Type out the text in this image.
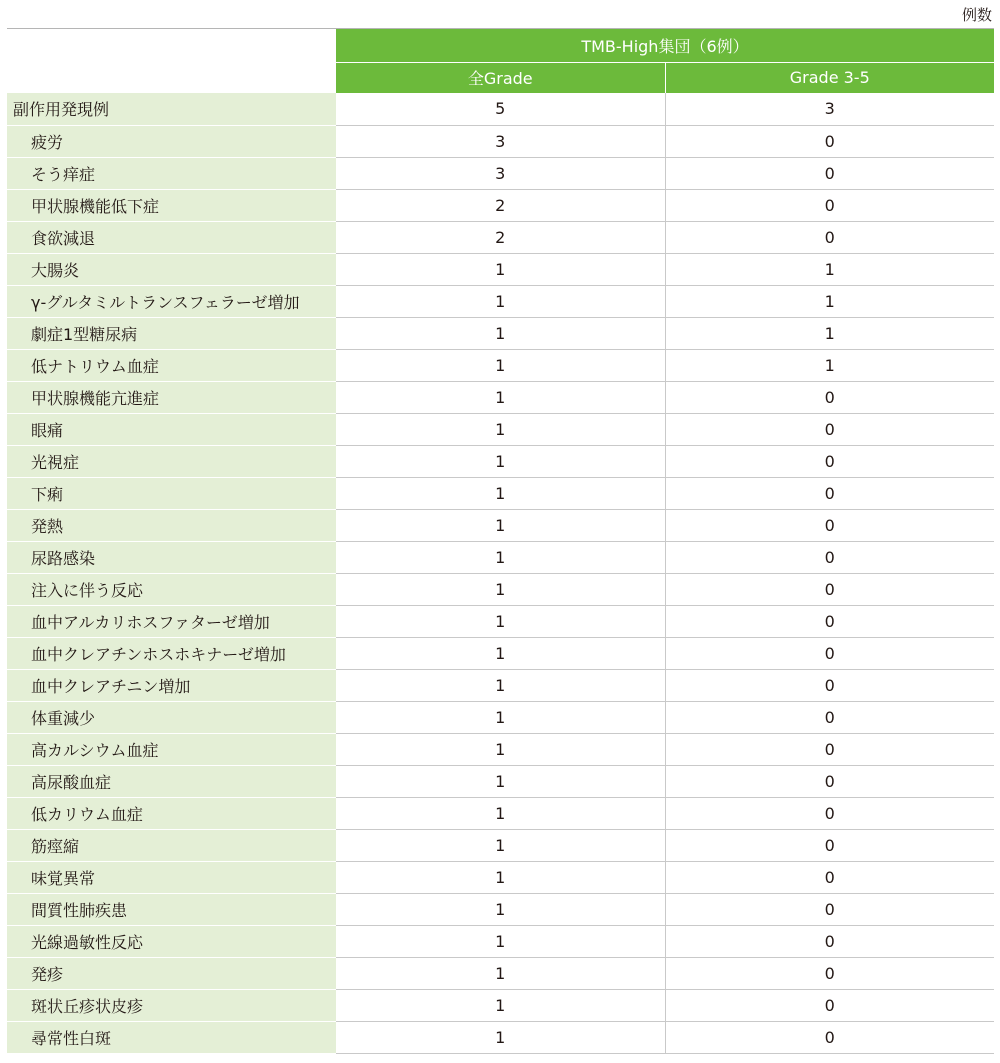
例数

	TMB-High集団（6例）	
	全Grade	Grade 3-5
副作用発現例	5	3
疲労	3	0
そう痒症	3	0
甲状腺機能低下症	2	0
食欲減退	2	0
大腸炎	1	1
γ-グルタミルトランスフェラーゼ増加	1	1
劇症1型糖尿病	1	1
低ナトリウム血症	1	1
甲状腺機能亢進症	1	0
眼痛	1	0
光視症	1	0
下痢	1	0
発熱	1	0
尿路感染	1	0
注入に伴う反応	1	0
血中アルカリホスファターゼ増加	1	0
血中クレアチンホスホキナーゼ増加	1	0
血中クレアチニン増加	1	0
体重減少	1	0
高カルシウム血症	1	0
高尿酸血症	1	0
低カリウム血症	1	0
筋痙縮	1	0
味覚異常	1	0
間質性肺疾患	1	0
光線過敏性反応	1	0
発疹	1	0
斑状丘疹状皮疹	1	0
尋常性白斑	1	0
